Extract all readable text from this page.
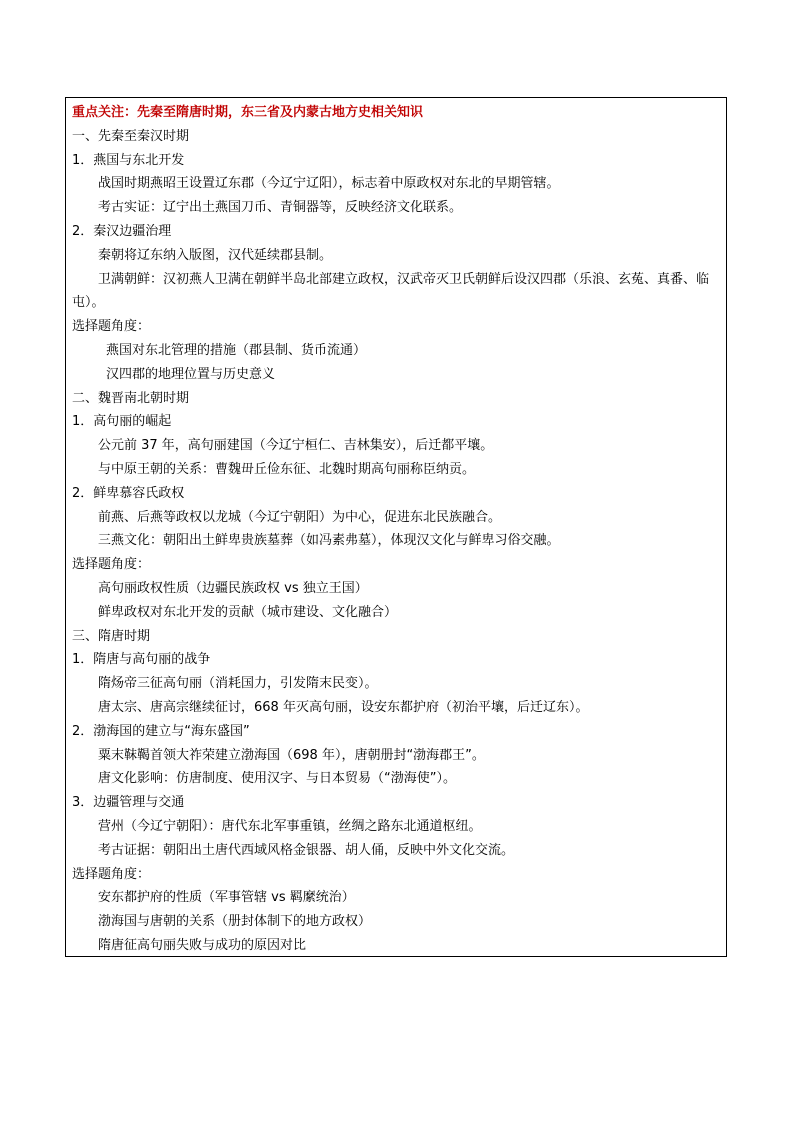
重点关注：先秦至隋唐时期，东三省及内蒙古地方史相关知识
一、先秦至秦汉时期
1．燕国与东北开发
战国时期燕昭王设置辽东郡（今辽宁辽阳），标志着中原政权对东北的早期管辖。
考古实证：辽宁出土燕国刀币、青铜器等，反映经济文化联系。
2．秦汉边疆治理
秦朝将辽东纳入版图，汉代延续郡县制。
卫满朝鲜：汉初燕人卫满在朝鲜半岛北部建立政权，汉武帝灭卫氏朝鲜后设汉四郡（乐浪、玄菟、真番、临屯）。
选择题角度：
燕国对东北管理的措施（郡县制、货币流通）
汉四郡的地理位置与历史意义
二、魏晋南北朝时期
1．高句丽的崛起
公元前 37 年，高句丽建国（今辽宁桓仁、吉林集安），后迁都平壤。
与中原王朝的关系：曹魏毌丘俭东征、北魏时期高句丽称臣纳贡。
2．鲜卑慕容氏政权
前燕、后燕等政权以龙城（今辽宁朝阳）为中心，促进东北民族融合。
三燕文化：朝阳出土鲜卑贵族墓葬（如冯素弗墓），体现汉文化与鲜卑习俗交融。
选择题角度：
高句丽政权性质（边疆民族政权 vs 独立王国）
鲜卑政权对东北开发的贡献（城市建设、文化融合）
三、隋唐时期
1．隋唐与高句丽的战争
隋炀帝三征高句丽（消耗国力，引发隋末民变）。
唐太宗、唐高宗继续征讨，668 年灭高句丽，设安东都护府（初治平壤，后迁辽东）。
2．渤海国的建立与“海东盛国”
粟末靺鞨首领大祚荣建立渤海国（698 年），唐朝册封“渤海郡王”。
唐文化影响：仿唐制度、使用汉字、与日本贸易（“渤海使”）。
3．边疆管理与交通
营州（今辽宁朝阳）：唐代东北军事重镇，丝绸之路东北通道枢纽。
考古证据：朝阳出土唐代西域风格金银器、胡人俑，反映中外文化交流。
选择题角度：
安东都护府的性质（军事管辖 vs 羁縻统治）
渤海国与唐朝的关系（册封体制下的地方政权）
隋唐征高句丽失败与成功的原因对比
